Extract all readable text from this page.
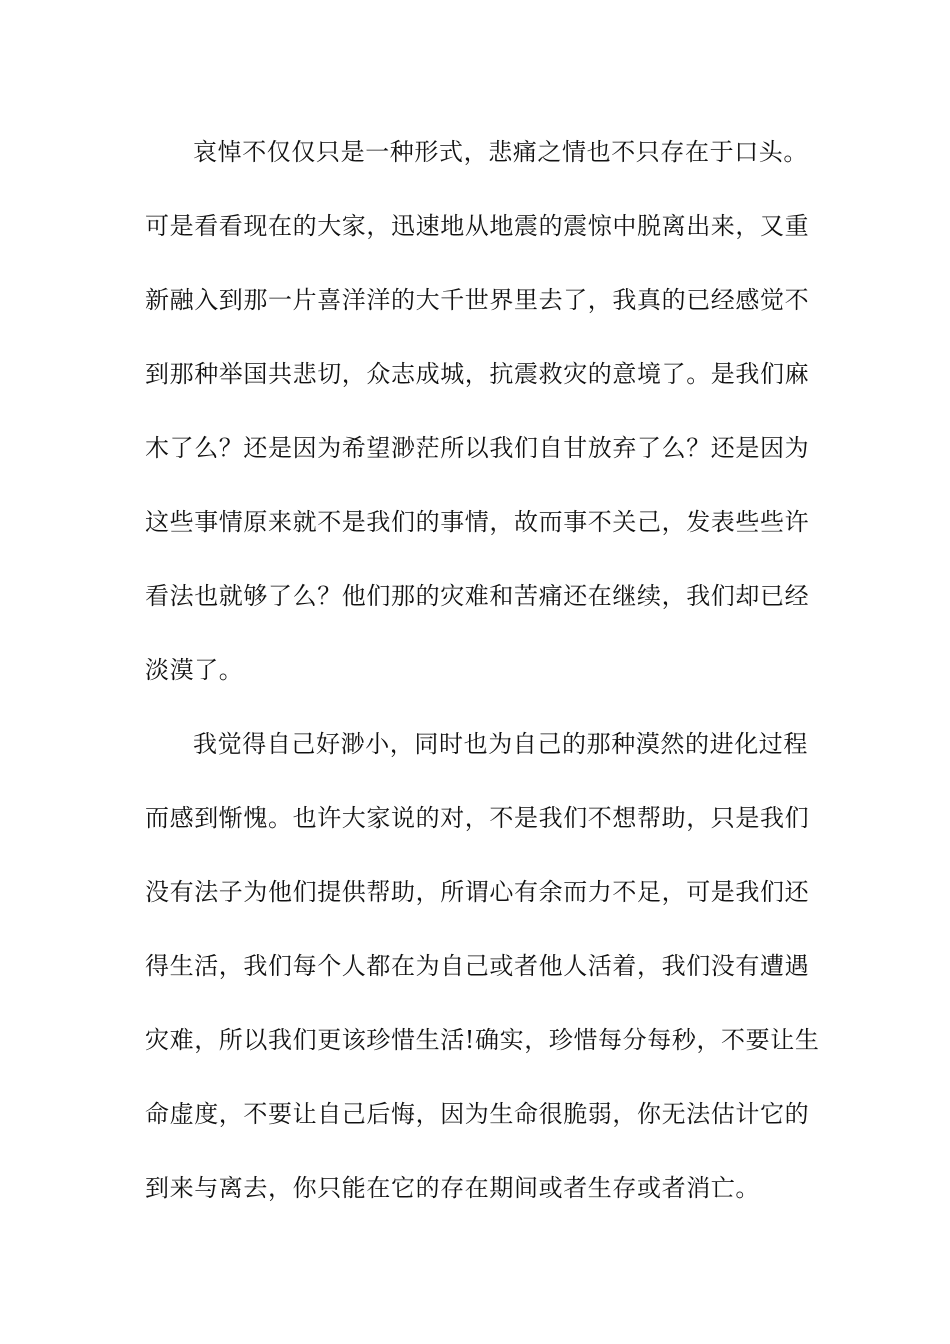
哀悼不仅仅只是一种形式，悲痛之情也不只存在于口头。
可是看看现在的大家，迅速地从地震的震惊中脱离出来，又重
新融入到那一片喜洋洋的大千世界里去了，我真的已经感觉不
到那种举国共悲切，众志成城，抗震救灾的意境了。是我们麻
木了么？还是因为希望渺茫所以我们自甘放弃了么？还是因为
这些事情原来就不是我们的事情，故而事不关己，发表些些许
看法也就够了么？他们那的灾难和苦痛还在继续，我们却已经
淡漠了。
我觉得自己好渺小，同时也为自己的那种漠然的进化过程
而感到惭愧。也许大家说的对，不是我们不想帮助，只是我们
没有法子为他们提供帮助，所谓心有余而力不足，可是我们还
得生活，我们每个人都在为自己或者他人活着，我们没有遭遇
灾难，所以我们更该珍惜生活!确实，珍惜每分每秒，不要让生
命虚度，不要让自己后悔，因为生命很脆弱，你无法估计它的
到来与离去，你只能在它的存在期间或者生存或者消亡。
